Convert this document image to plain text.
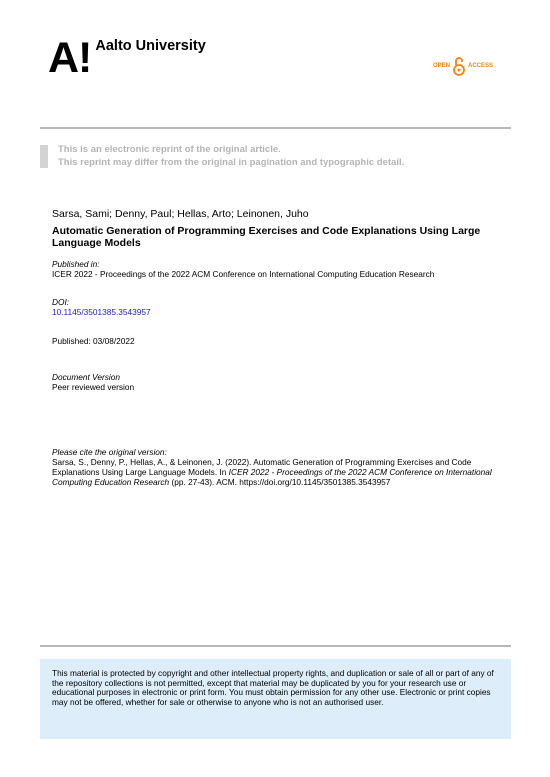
A! Aalto University
OPEN	ACCESS
This is an electronic reprint of the original article.
This reprint may differ from the original in pagination and typographic detail.
Sarsa, Sami; Denny, Paul; Hellas, Arto; Leinonen, Juho
Automatic Generation of Programming Exercises and Code Explanations Using Large Language Models
Published in:
ICER 2022 - Proceedings of the 2022 ACM Conference on International Computing Education Research
DOI:
10.1145/3501385.3543957
Published: 03/08/2022
Document Version
Peer reviewed version
Please cite the original version:
Sarsa, S., Denny, P., Hellas, A., & Leinonen, J. (2022). Automatic Generation of Programming Exercises and Code Explanations Using Large Language Models. In ICER 2022 - Proceedings of the 2022 ACM Conference on International Computing Education Research (pp. 27-43). ACM. https://doi.org/10.1145/3501385.3543957

This material is protected by copyright and other intellectual property rights, and duplication or sale of all or part of any of the repository collections is not permitted, except that material may be duplicated by you for your research use or educational purposes in electronic or print form. You must obtain permission for any other use. Electronic or print copies may not be offered, whether for sale or otherwise to anyone who is not an authorised user.
